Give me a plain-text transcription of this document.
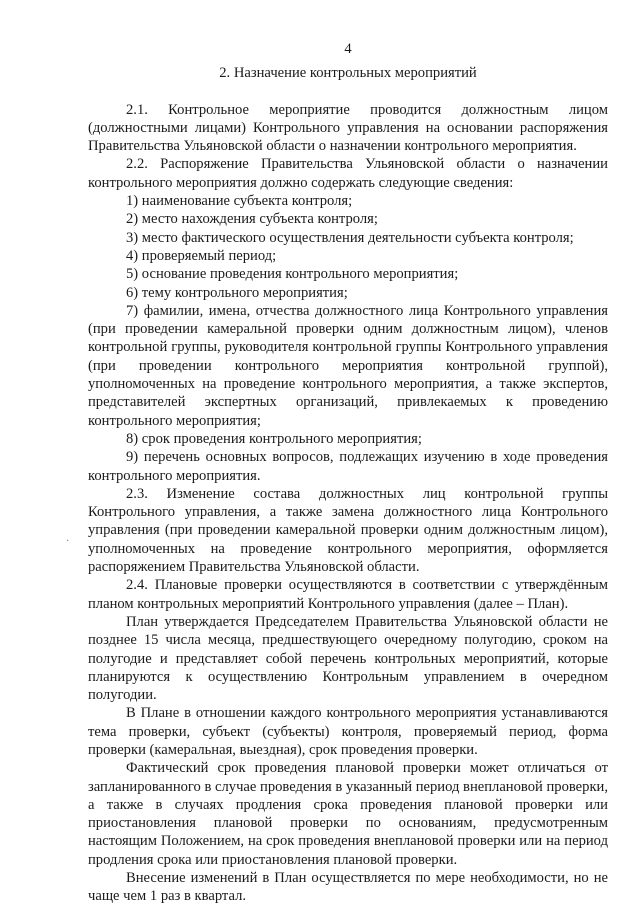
4
2. Назначение контрольных мероприятий

2.1. Контрольное мероприятие проводится должностным лицом (должностными лицами) Контрольного управления на основании распоряжения Правительства Ульяновской области о назначении контрольного мероприятия.

2.2. Распоряжение Правительства Ульяновской области о назначении контрольного мероприятия должно содержать следующие сведения:

1) наименование субъекта контроля;

2) место нахождения субъекта контроля;

3) место фактического осуществления деятельности субъекта контроля;

4) проверяемый период;

5) основание проведения контрольного мероприятия;

6) тему контрольного мероприятия;

7) фамилии, имена, отчества должностного лица Контрольного управления (при проведении камеральной проверки одним должностным лицом), членов контрольной группы, руководителя контрольной группы Контрольного управления (при проведении контрольного мероприятия контрольной группой), уполномоченных на проведение контрольного мероприятия, а также экспертов, представителей экспертных организаций, привлекаемых к проведению контрольного мероприятия;

8) срок проведения контрольного мероприятия;

9) перечень основных вопросов, подлежащих изучению в ходе проведения контрольного мероприятия.

2.3. Изменение состава должностных лиц контрольной группы Контрольного управления, а также замена должностного лица Контрольного управления (при проведении камеральной проверки одним должностным лицом), уполномоченных на проведение контрольного мероприятия, оформляется распоряжением Правительства Ульяновской области.

2.4. Плановые проверки осуществляются в соответствии с утверждённым планом контрольных мероприятий Контрольного управления (далее – План).

План утверждается Председателем Правительства Ульяновской области не позднее 15 числа месяца, предшествующего очередному полугодию, сроком на полугодие и представляет собой перечень контрольных мероприятий, которые планируются к осуществлению Контрольным управлением в очередном полугодии.

В Плане в отношении каждого контрольного мероприятия устанавливаются тема проверки, субъект (субъекты) контроля, проверяемый период, форма проверки (камеральная, выездная), срок проведения проверки.

Фактический срок проведения плановой проверки может отличаться от запланированного в случае проведения в указанный период внеплановой проверки, а также в случаях продления срока проведения плановой проверки или приостановления плановой проверки по основаниям, предусмотренным настоящим Положением, на срок проведения внеплановой проверки или на период продления срока или приостановления плановой проверки.

Внесение изменений в План осуществляется по мере необходимости, но не чаще чем 1 раз в квартал.

·
